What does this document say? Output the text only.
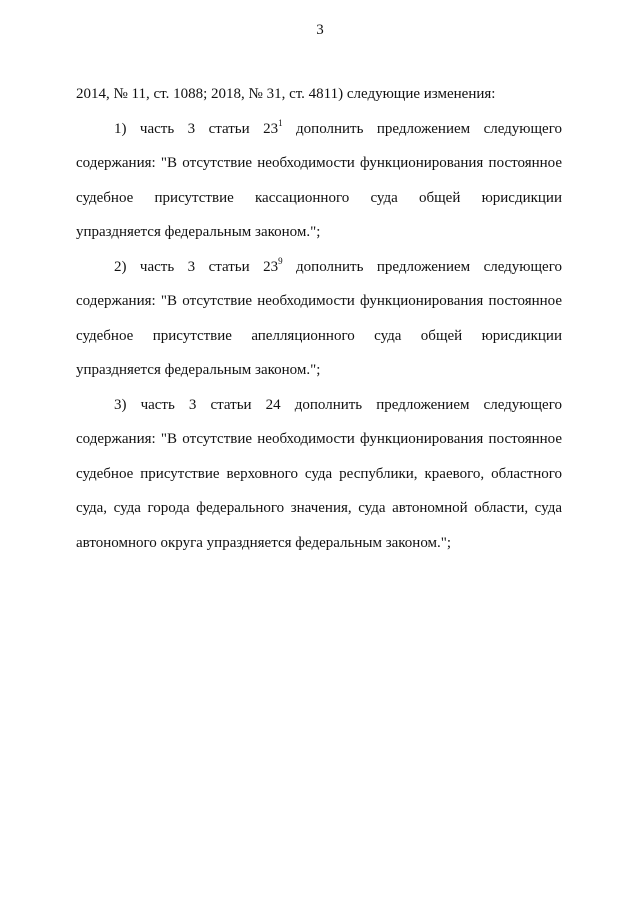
3
2014, № 11, ст. 1088; 2018, № 31, ст. 4811) следующие изменения:
1) часть 3 статьи $23^1$ дополнить предложением следующего
содержания: "В отсутствие необходимости функционирования постоянное
судебное присутствие кассационного суда общей юрисдикции
упраздняется федеральным законом.";
2) часть 3 статьи $23^9$ дополнить предложением следующего
содержания: "В отсутствие необходимости функционирования постоянное
судебное присутствие апелляционного суда общей юрисдикции
упраздняется федеральным законом.";
3) часть 3 статьи 24 дополнить предложением следующего
содержания: "В отсутствие необходимости функционирования постоянное
судебное присутствие верховного суда республики, краевого, областного
суда, суда города федерального значения, суда автономной области, суда
автономного округа упраздняется федеральным законом.";
